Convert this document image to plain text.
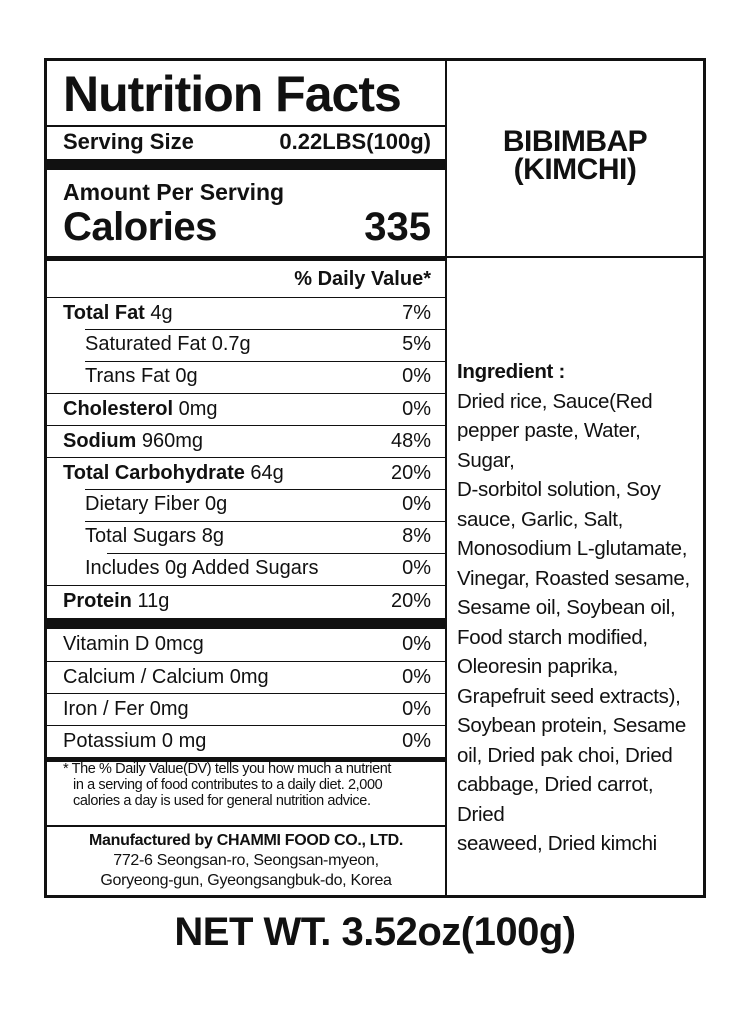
Nutrition Facts
Serving Size	0.22LBS(100g)
Amount Per Serving
Calories	335
% Daily Value*
Total Fat 4g	7%
Saturated Fat 0.7g	5%
Trans Fat 0g	0%
Cholesterol 0mg	0%
Sodium 960mg	48%
Total Carbohydrate 64g	20%
Dietary Fiber 0g	0%
Total Sugars 8g	8%
Includes 0g Added Sugars	0%
Protein 11g	20%
Vitamin D 0mcg	0%
Calcium / Calcium 0mg	0%
Iron / Fer 0mg	0%
Potassium 0 mg	0%
* The % Daily Value(DV) tells you how much a nutrient
in a serving of food contributes to a daily diet. 2,000
calories a day is used for general nutrition advice.
Manufactured by CHAMMI FOOD CO., LTD.
772-6 Seongsan-ro, Seongsan-myeon,
Goryeong-gun, Gyeongsangbuk-do, Korea
BIBIMBAP
(KIMCHI)
Ingredient :
Dried rice, Sauce(Red
pepper paste, Water, Sugar,
D-sorbitol solution, Soy
sauce, Garlic, Salt,
Monosodium L-glutamate,
Vinegar, Roasted sesame,
Sesame oil, Soybean oil,
Food starch modified,
Oleoresin paprika,
Grapefruit seed extracts),
Soybean protein, Sesame
oil, Dried pak choi, Dried
cabbage, Dried carrot, Dried
seaweed, Dried kimchi
NET WT. 3.52oz(100g)
